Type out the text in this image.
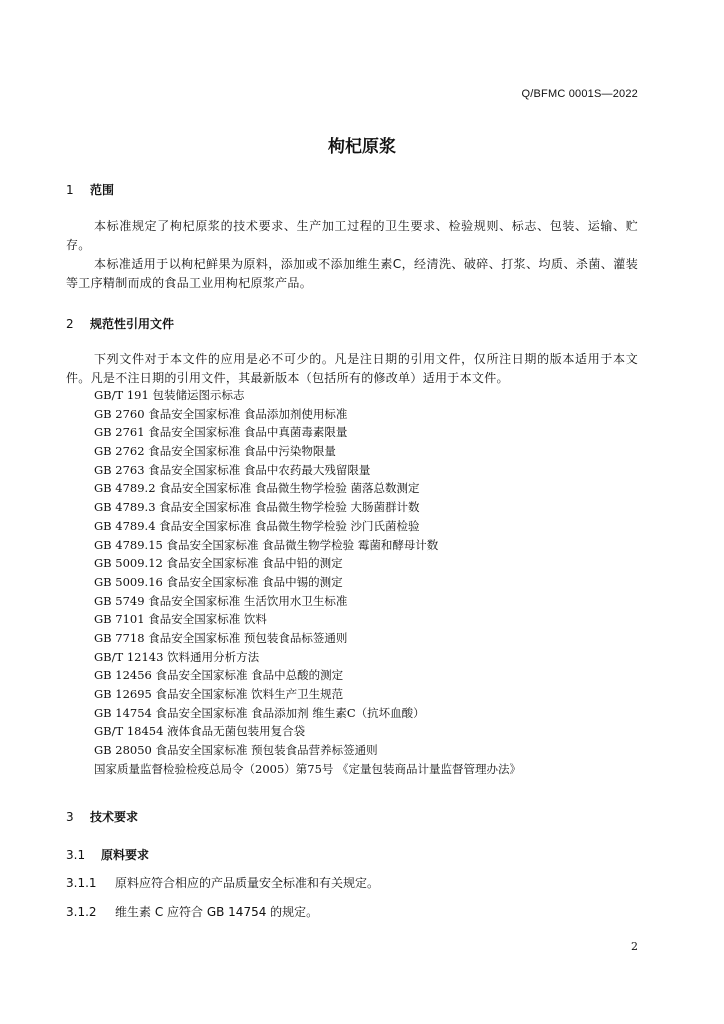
Q/BFMC 0001S—2022
枸杞原浆
1 范围
本标准规定了枸杞原浆的技术要求、生产加工过程的卫生要求、检验规则、标志、包装、运输、贮存。
本标准适用于以枸杞鲜果为原料，添加或不添加维生素C，经清洗、破碎、打浆、均质、杀菌、灌装等工序精制而成的食品工业用枸杞原浆产品。
2 规范性引用文件
下列文件对于本文件的应用是必不可少的。凡是注日期的引用文件，仅所注日期的版本适用于本文件。凡是不注日期的引用文件，其最新版本（包括所有的修改单）适用于本文件。
GB/T 191 包装储运图示标志
GB 2760 食品安全国家标准 食品添加剂使用标准
GB 2761 食品安全国家标准 食品中真菌毒素限量
GB 2762 食品安全国家标准 食品中污染物限量
GB 2763 食品安全国家标准 食品中农药最大残留限量
GB 4789.2 食品安全国家标准 食品微生物学检验 菌落总数测定
GB 4789.3 食品安全国家标准 食品微生物学检验 大肠菌群计数
GB 4789.4 食品安全国家标准 食品微生物学检验 沙门氏菌检验
GB 4789.15 食品安全国家标准 食品微生物学检验 霉菌和酵母计数
GB 5009.12 食品安全国家标准 食品中铅的测定
GB 5009.16 食品安全国家标准 食品中锡的测定
GB 5749 食品安全国家标准 生活饮用水卫生标准
GB 7101 食品安全国家标准 饮料
GB 7718 食品安全国家标准 预包装食品标签通则
GB/T 12143 饮料通用分析方法
GB 12456 食品安全国家标准 食品中总酸的测定
GB 12695 食品安全国家标准 饮料生产卫生规范
GB 14754 食品安全国家标准 食品添加剂 维生素C（抗坏血酸）
GB/T 18454 液体食品无菌包装用复合袋
GB 28050 食品安全国家标准 预包装食品营养标签通则
国家质量监督检验检疫总局令（2005）第75号 《定量包装商品计量监督管理办法》
3 技术要求
3.1 原料要求
3.1.1 原料应符合相应的产品质量安全标准和有关规定。
3.1.2 维生素 C 应符合 GB 14754 的规定。
2
